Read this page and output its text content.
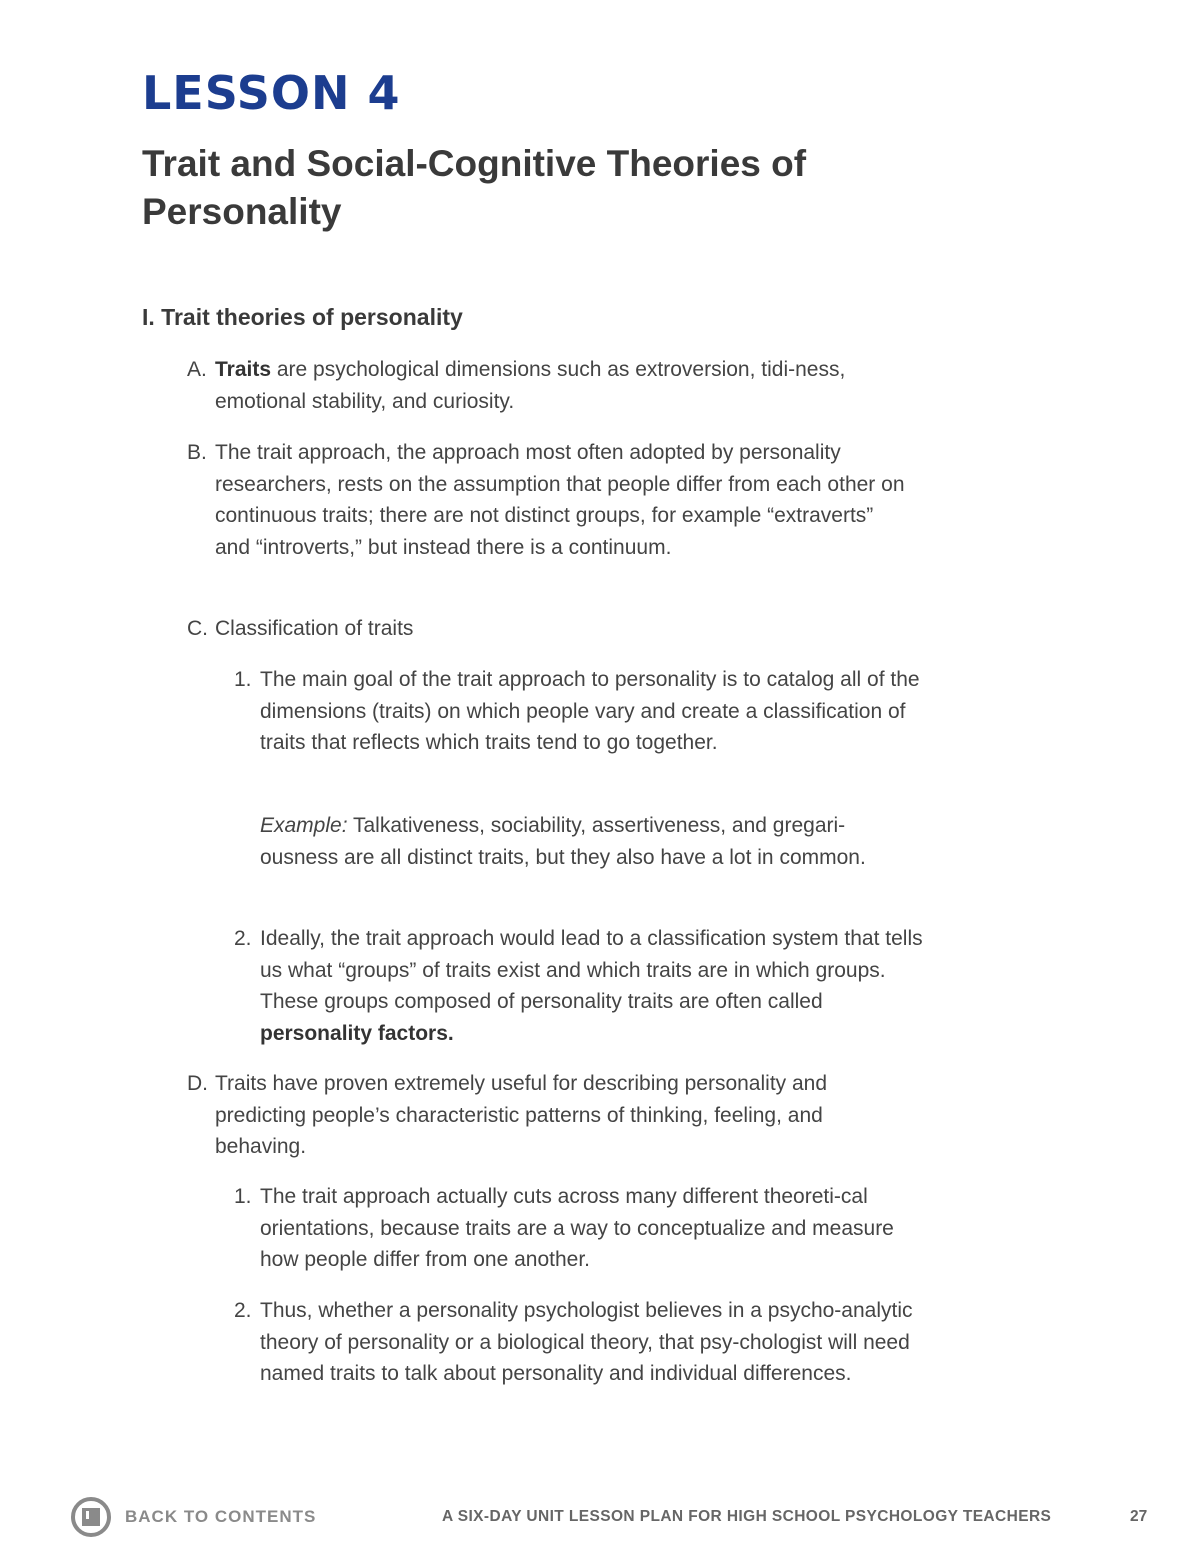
LESSON 4
Trait and Social-Cognitive Theories of Personality
I. Trait theories of personality
A. Traits are psychological dimensions such as extroversion, tidi-ness, emotional stability, and curiosity.
B. The trait approach, the approach most often adopted by personality researchers, rests on the assumption that people differ from each other on continuous traits; there are not distinct groups, for example “extraverts” and “introverts,” but instead there is a continuum.
C. Classification of traits
1. The main goal of the trait approach to personality is to catalog all of the dimensions (traits) on which people vary and create a classification of traits that reflects which traits tend to go together.
Example: Talkativeness, sociability, assertiveness, and gregari-ousness are all distinct traits, but they also have a lot in common.
2. Ideally, the trait approach would lead to a classification system that tells us what “groups” of traits exist and which traits are in which groups. These groups composed of personality traits are often called personality factors.
D. Traits have proven extremely useful for describing personality and predicting people’s characteristic patterns of thinking, feeling, and behaving.
1. The trait approach actually cuts across many different theoreti-cal orientations, because traits are a way to conceptualize and measure how people differ from one another.
2. Thus, whether a personality psychologist believes in a psycho-analytic theory of personality or a biological theory, that psy-chologist will need named traits to talk about personality and individual differences.
BACK TO CONTENTS	A SIX-DAY UNIT LESSON PLAN FOR HIGH SCHOOL PSYCHOLOGY TEACHERS	27
